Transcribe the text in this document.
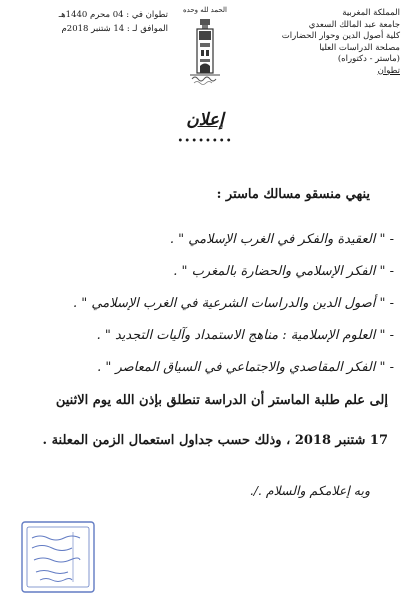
تطوان في : 04 محرم 1440هـ
الموافق لـ : 14 شتنبر 2018م
الحمد لله وحده	المملكة المغربية
جامعة عبد المالك السعدي
كلية أصول الدين وحوار الحضارات
مصلحة الدراسات العليا
(ماستر - دكتوراه)
تطوان
إعلان
••••••••
ينهي منسقو مسالك ماستر :
- " العقيدة والفكر في الغرب الإسلامي " .
- " الفكر الإسلامي والحضارة بالمغرب " .
- " أصول الدين والدراسات الشرعية في الغرب الإسلامي " .
- " العلوم الإسلامية : مناهج الاستمداد وآليات التجديد " .
- " الفكر المقاصدي والاجتماعي في السياق المعاصر " .
إلى علم طلبة الماستر أن الدراسة تنطلق بإذن الله يوم الاثنين
17 شتنبر 2018 ، وذلك حسب جداول استعمال الزمن المعلنة .
وبه إعلامكم والسلام ./.
